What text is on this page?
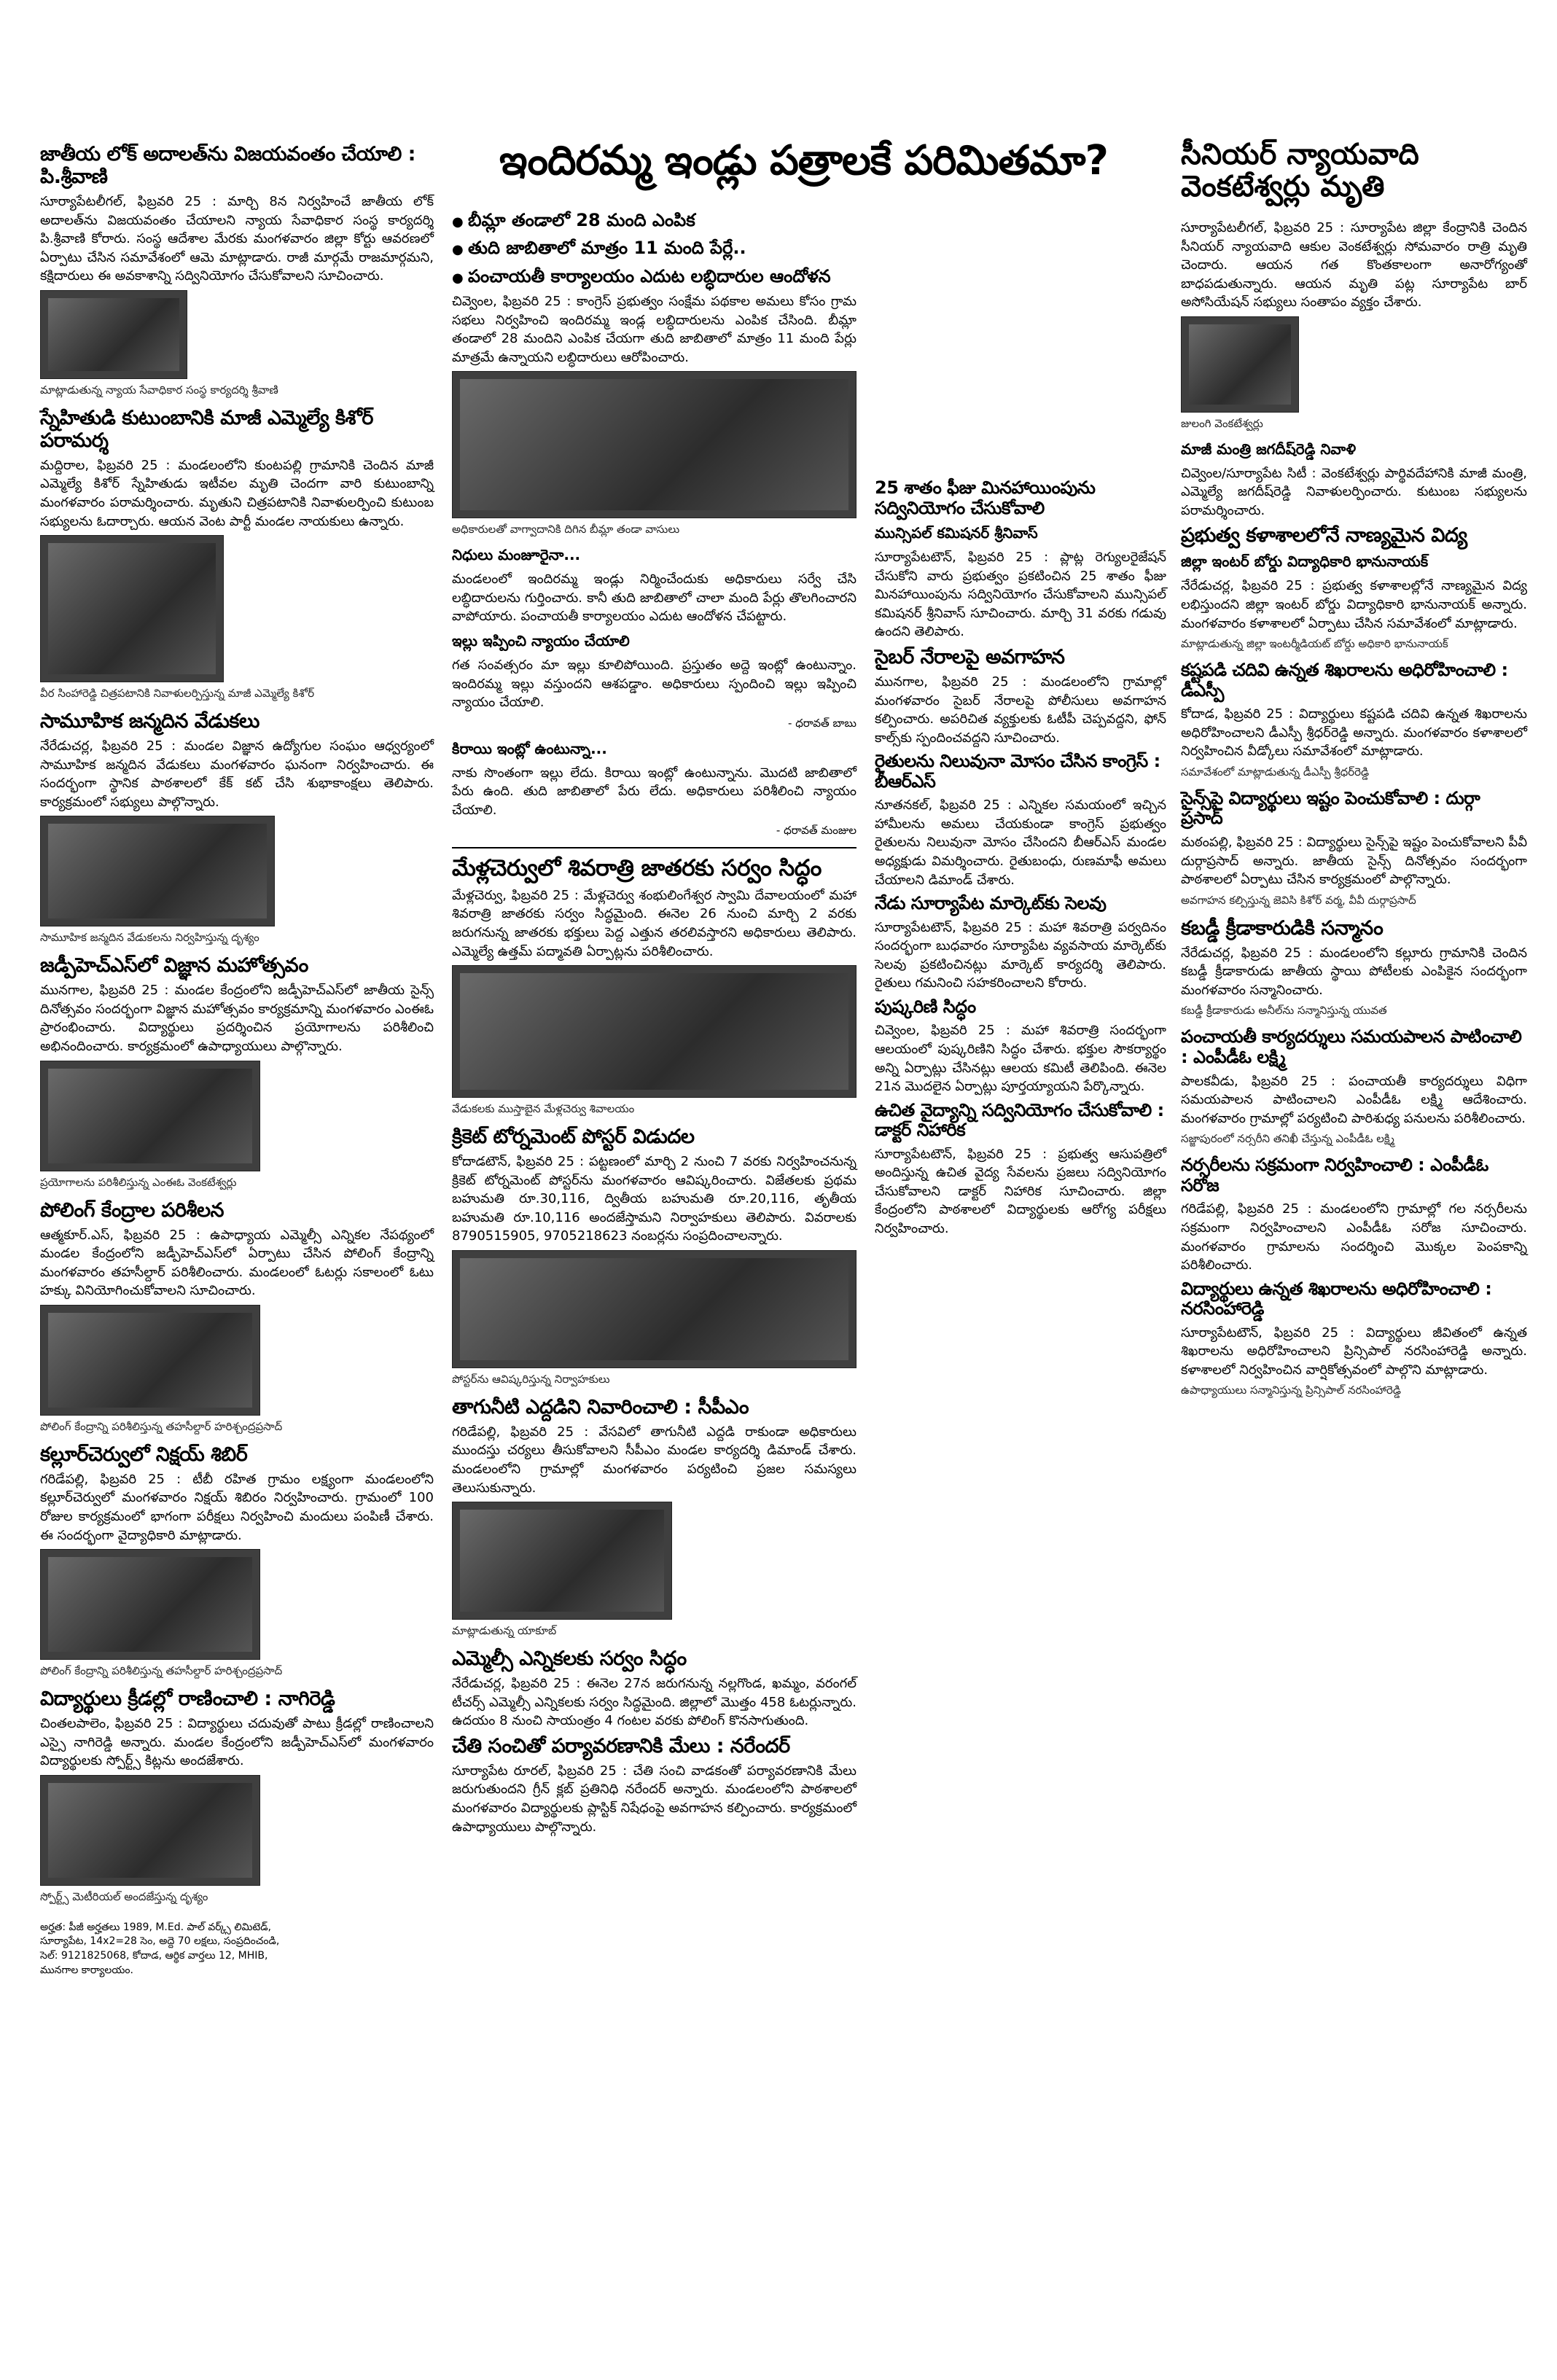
ఇందిరమ్మ ఇండ్లు పత్రాలకే పరిమితమా?	సీనియర్ న్యాయవాది వెంకటేశ్వర్లు మృతి
జాతీయ లోక్ అదాలత్‌ను విజయవంతం చేయాలి : పి.శ్రీవాణి
సూర్యాపేటలీగల్, ఫిబ్రవరి 25 : మార్చి 8న నిర్వహించే జాతీయ లోక్ అదాలత్‌ను విజయవంతం చేయాలని న్యాయ సేవాధికార సంస్థ కార్యదర్శి పి.శ్రీవాణి కోరారు. సంస్థ ఆదేశాల మేరకు మంగళవారం జిల్లా కోర్టు ఆవరణలో ఏర్పాటు చేసిన సమావేశంలో ఆమె మాట్లాడారు. రాజీ మార్గమే రాజమార్గమని, కక్షిదారులు ఈ అవకాశాన్ని సద్వినియోగం చేసుకోవాలని సూచించారు.
మాట్లాడుతున్న న్యాయ సేవాధికార సంస్థ కార్యదర్శి శ్రీవాణి
స్నేహితుడి కుటుంబానికి మాజీ ఎమ్మెల్యే కిశోర్ పరామర్శ
మద్దిరాల, ఫిబ్రవరి 25 : మండలంలోని కుంటపల్లి గ్రామానికి చెందిన మాజీ ఎమ్మెల్యే కిశోర్ స్నేహితుడు ఇటీవల మృతి చెందగా వారి కుటుంబాన్ని మంగళవారం పరామర్శించారు. మృతుని చిత్రపటానికి నివాళులర్పించి కుటుంబ సభ్యులను ఓదార్చారు. ఆయన వెంట పార్టీ మండల నాయకులు ఉన్నారు.
వీర సింహారెడ్డి చిత్రపటానికి నివాళులర్పిస్తున్న మాజీ ఎమ్మెల్యే కిశోర్
సామూహిక జన్మదిన వేడుకలు
నేరేడుచర్ల, ఫిబ్రవరి 25 : మండల విజ్ఞాన ఉద్యోగుల సంఘం ఆధ్వర్యంలో సామూహిక జన్మదిన వేడుకలు మంగళవారం ఘనంగా నిర్వహించారు. ఈ సందర్భంగా స్థానిక పాఠశాలలో కేక్ కట్ చేసి శుభాకాంక్షలు తెలిపారు. కార్యక్రమంలో సభ్యులు పాల్గొన్నారు.
సామూహిక జన్మదిన వేడుకలను నిర్వహిస్తున్న దృశ్యం
జడ్పీహెచ్‌ఎస్‌లో విజ్ఞాన మహోత్సవం
మునగాల, ఫిబ్రవరి 25 : మండల కేంద్రంలోని జడ్పీహెచ్‌ఎస్‌లో జాతీయ సైన్స్ దినోత్సవం సందర్భంగా విజ్ఞాన మహోత్సవం కార్యక్రమాన్ని మంగళవారం ఎంఈఓ ప్రారంభించారు. విద్యార్థులు ప్రదర్శించిన ప్రయోగాలను పరిశీలించి అభినందించారు. కార్యక్రమంలో ఉపాధ్యాయులు పాల్గొన్నారు.
ప్రయోగాలను పరిశీలిస్తున్న ఎంఈఓ వెంకటేశ్వర్లు
పోలింగ్ కేంద్రాల పరిశీలన
ఆత్మకూర్.ఎస్, ఫిబ్రవరి 25 : ఉపాధ్యాయ ఎమ్మెల్సీ ఎన్నికల నేపథ్యంలో మండల కేంద్రంలోని జడ్పీహెచ్‌ఎస్‌లో ఏర్పాటు చేసిన పోలింగ్ కేంద్రాన్ని మంగళవారం తహసీల్దార్ పరిశీలించారు. మండలంలో ఓటర్లు సకాలంలో ఓటు హక్కు వినియోగించుకోవాలని సూచించారు.
పోలింగ్ కేంద్రాన్ని పరిశీలిస్తున్న తహసీల్దార్ హరిశ్చంద్రప్రసాద్
కల్లూర్‌చెర్వులో నిక్షయ్ శిబిర్
గరిడేపల్లి, ఫిబ్రవరి 25 : టీబీ రహిత గ్రామం లక్ష్యంగా మండలంలోని కల్లూర్‌చెర్వులో మంగళవారం నిక్షయ్ శిబిరం నిర్వహించారు. గ్రామంలో 100 రోజుల కార్యక్రమంలో భాగంగా పరీక్షలు నిర్వహించి మందులు పంపిణీ చేశారు. ఈ సందర్భంగా వైద్యాధికారి మాట్లాడారు.
పోలింగ్ కేంద్రాన్ని పరిశీలిస్తున్న తహసీల్దార్ హరిశ్చంద్రప్రసాద్
విద్యార్థులు క్రీడల్లో రాణించాలి : నాగిరెడ్డి
చింతలపాలెం, ఫిబ్రవరి 25 : విద్యార్థులు చదువుతో పాటు క్రీడల్లో రాణించాలని ఎస్సై నాగిరెడ్డి అన్నారు. మండల కేంద్రంలోని జడ్పీహెచ్‌ఎస్‌లో మంగళవారం విద్యార్థులకు స్పోర్ట్స్ కిట్లను అందజేశారు.
స్పోర్ట్స్ మెటీరియల్ అందజేస్తున్న దృశ్యం
అర్హత: పీజీ అర్హతలు 1989, M.Ed. పాల్ వర్క్స్ లిమిటెడ్, సూర్యాపేట, 14x2=28 సెం, అద్దె 70 లక్షలు, సంప్రదించండి, సెల్: 9121825068, కోదాడ, ఆర్థిక వార్తలు 12, MHIB, మునగాల కార్యాలయం.
● బీమ్లా తండాలో 28 మంది ఎంపిక
● తుది జాబితాలో మాత్రం 11 మంది పేర్లే..
● పంచాయతీ కార్యాలయం ఎదుట లబ్ధిదారుల ఆందోళన
చివ్వెంల, ఫిబ్రవరి 25 : కాంగ్రెస్ ప్రభుత్వం సంక్షేమ పథకాల అమలు కోసం గ్రామ సభలు నిర్వహించి ఇందిరమ్మ ఇండ్ల లబ్ధిదారులను ఎంపిక చేసింది. బీమ్లా తండాలో 28 మందిని ఎంపిక చేయగా తుది జాబితాలో మాత్రం 11 మంది పేర్లు మాత్రమే ఉన్నాయని లబ్ధిదారులు ఆరోపించారు.
అధికారులతో వాగ్వాదానికి దిగిన బీమ్లా తండా వాసులు
నిధులు మంజూరైనా...
మండలంలో ఇందిరమ్మ ఇండ్లు నిర్మించేందుకు అధికారులు సర్వే చేసి లబ్ధిదారులను గుర్తించారు. కానీ తుది జాబితాలో చాలా మంది పేర్లు తొలగించారని వాపోయారు. పంచాయతీ కార్యాలయం ఎదుట ఆందోళన చేపట్టారు.
ఇల్లు ఇప్పించి న్యాయం చేయాలి
గత సంవత్సరం మా ఇల్లు కూలిపోయింది. ప్రస్తుతం అద్దె ఇంట్లో ఉంటున్నాం. ఇందిరమ్మ ఇల్లు వస్తుందని ఆశపడ్డాం. అధికారులు స్పందించి ఇల్లు ఇప్పించి న్యాయం చేయాలి.
- ధరావత్ బాబు
కిరాయి ఇంట్లో ఉంటున్నా...
నాకు సొంతంగా ఇల్లు లేదు. కిరాయి ఇంట్లో ఉంటున్నాను. మొదటి జాబితాలో పేరు ఉంది. తుది జాబితాలో పేరు లేదు. అధికారులు పరిశీలించి న్యాయం చేయాలి.
- ధరావత్ మంజుల
మేళ్లచెర్వులో శివరాత్రి జాతరకు సర్వం సిద్ధం
మేళ్లచెర్వు, ఫిబ్రవరి 25 : మేళ్లచెర్వు శంభులింగేశ్వర స్వామి దేవాలయంలో మహా శివరాత్రి జాతరకు సర్వం సిద్ధమైంది. ఈనెల 26 నుంచి మార్చి 2 వరకు జరుగనున్న జాతరకు భక్తులు పెద్ద ఎత్తున తరలివస్తారని అధికారులు తెలిపారు. ఎమ్మెల్యే ఉత్తమ్ పద్మావతి ఏర్పాట్లను పరిశీలించారు.
వేడుకలకు ముస్తాబైన మేళ్లచెర్వు శివాలయం
క్రికెట్ టోర్నమెంట్ పోస్టర్ విడుదల
కోదాడటౌన్, ఫిబ్రవరి 25 : పట్టణంలో మార్చి 2 నుంచి 7 వరకు నిర్వహించనున్న క్రికెట్ టోర్నమెంట్ పోస్టర్‌ను మంగళవారం ఆవిష్కరించారు. విజేతలకు ప్రథమ బహుమతి రూ.30,116, ద్వితీయ బహుమతి రూ.20,116, తృతీయ బహుమతి రూ.10,116 అందజేస్తామని నిర్వాహకులు తెలిపారు. వివరాలకు 8790515905, 9705218623 నంబర్లను సంప్రదించాలన్నారు.
పోస్టర్‌ను ఆవిష్కరిస్తున్న నిర్వాహకులు
తాగునీటి ఎద్దడిని నివారించాలి : సీపీఎం
గరిడేపల్లి, ఫిబ్రవరి 25 : వేసవిలో తాగునీటి ఎద్దడి రాకుండా అధికారులు ముందస్తు చర్యలు తీసుకోవాలని సీపీఎం మండల కార్యదర్శి డిమాండ్ చేశారు. మండలంలోని గ్రామాల్లో మంగళవారం పర్యటించి ప్రజల సమస్యలు తెలుసుకున్నారు.
మాట్లాడుతున్న యాకూబ్
ఎమ్మెల్సీ ఎన్నికలకు సర్వం సిద్ధం
నేరేడుచర్ల, ఫిబ్రవరి 25 : ఈనెల 27న జరుగనున్న నల్లగొండ, ఖమ్మం, వరంగల్ టీచర్స్ ఎమ్మెల్సీ ఎన్నికలకు సర్వం సిద్ధమైంది. జిల్లాలో మొత్తం 458 ఓటర్లున్నారు. ఉదయం 8 నుంచి సాయంత్రం 4 గంటల వరకు పోలింగ్ కొనసాగుతుంది.
చేతి సంచితో పర్యావరణానికి మేలు : నరేందర్
సూర్యాపేట రూరల్, ఫిబ్రవరి 25 : చేతి సంచి వాడకంతో పర్యావరణానికి మేలు జరుగుతుందని గ్రీన్ క్లబ్ ప్రతినిధి నరేందర్ అన్నారు. మండలంలోని పాఠశాలలో మంగళవారం విద్యార్థులకు ప్లాస్టిక్ నిషేధంపై అవగాహన కల్పించారు. కార్యక్రమంలో ఉపాధ్యాయులు పాల్గొన్నారు.
25 శాతం ఫీజు మినహాయింపును సద్వినియోగం చేసుకోవాలి
మున్సిపల్ కమిషనర్ శ్రీనివాస్
సూర్యాపేటటౌన్, ఫిబ్రవరి 25 : ప్లాట్ల రెగ్యులరైజేషన్ చేసుకోని వారు ప్రభుత్వం ప్రకటించిన 25 శాతం ఫీజు మినహాయింపును సద్వినియోగం చేసుకోవాలని మున్సిపల్ కమిషనర్ శ్రీనివాస్ సూచించారు. మార్చి 31 వరకు గడువు ఉందని తెలిపారు.
సైబర్ నేరాలపై అవగాహన
మునగాల, ఫిబ్రవరి 25 : మండలంలోని గ్రామాల్లో మంగళవారం సైబర్ నేరాలపై పోలీసులు అవగాహన కల్పించారు. అపరిచిత వ్యక్తులకు ఓటీపీ చెప్పవద్దని, ఫోన్ కాల్స్‌కు స్పందించవద్దని సూచించారు.
రైతులను నిలువునా మోసం చేసిన కాంగ్రెస్ : బీఆర్ఎస్
నూతనకల్, ఫిబ్రవరి 25 : ఎన్నికల సమయంలో ఇచ్చిన హామీలను అమలు చేయకుండా కాంగ్రెస్ ప్రభుత్వం రైతులను నిలువునా మోసం చేసిందని బీఆర్ఎస్ మండల అధ్యక్షుడు విమర్శించారు. రైతుబంధు, రుణమాఫీ అమలు చేయాలని డిమాండ్ చేశారు.
నేడు సూర్యాపేట మార్కెట్‌కు సెలవు
సూర్యాపేటటౌన్, ఫిబ్రవరి 25 : మహా శివరాత్రి పర్వదినం సందర్భంగా బుధవారం సూర్యాపేట వ్యవసాయ మార్కెట్‌కు సెలవు ప్రకటించినట్లు మార్కెట్ కార్యదర్శి తెలిపారు. రైతులు గమనించి సహకరించాలని కోరారు.
పుష్కరిణి సిద్ధం
చివ్వెంల, ఫిబ్రవరి 25 : మహా శివరాత్రి సందర్భంగా ఆలయంలో పుష్కరిణిని సిద్ధం చేశారు. భక్తుల సౌకర్యార్థం అన్ని ఏర్పాట్లు చేసినట్లు ఆలయ కమిటీ తెలిపింది. ఈనెల 21న మొదలైన ఏర్పాట్లు పూర్తయ్యాయని పేర్కొన్నారు.
ఉచిత వైద్యాన్ని సద్వినియోగం చేసుకోవాలి : డాక్టర్ నిహారిక
సూర్యాపేటటౌన్, ఫిబ్రవరి 25 : ప్రభుత్వ ఆసుపత్రిలో అందిస్తున్న ఉచిత వైద్య సేవలను ప్రజలు సద్వినియోగం చేసుకోవాలని డాక్టర్ నిహారిక సూచించారు. జిల్లా కేంద్రంలోని పాఠశాలలో విద్యార్థులకు ఆరోగ్య పరీక్షలు నిర్వహించారు.
సూర్యాపేటలీగల్, ఫిబ్రవరి 25 : సూర్యాపేట జిల్లా కేంద్రానికి చెందిన సీనియర్ న్యాయవాది ఆకుల వెంకటేశ్వర్లు సోమవారం రాత్రి మృతి చెందారు. ఆయన గత కొంతకాలంగా అనారోగ్యంతో బాధపడుతున్నారు. ఆయన మృతి పట్ల సూర్యాపేట బార్ అసోసియేషన్ సభ్యులు సంతాపం వ్యక్తం చేశారు.
జులంగి వెంకటేశ్వర్లు
మాజీ మంత్రి జగదీష్‌రెడ్డి నివాళి
చివ్వెంల/సూర్యాపేట సిటీ : వెంకటేశ్వర్లు పార్థివదేహానికి మాజీ మంత్రి, ఎమ్మెల్యే జగదీష్‌రెడ్డి నివాళులర్పించారు. కుటుంబ సభ్యులను పరామర్శించారు.
ప్రభుత్వ కళాశాలలోనే నాణ్యమైన విద్య
జిల్లా ఇంటర్ బోర్డు విద్యాధికారి భానునాయక్
నేరేడుచర్ల, ఫిబ్రవరి 25 : ప్రభుత్వ కళాశాలల్లోనే నాణ్యమైన విద్య లభిస్తుందని జిల్లా ఇంటర్ బోర్డు విద్యాధికారి భానునాయక్ అన్నారు. మంగళవారం కళాశాలలో ఏర్పాటు చేసిన సమావేశంలో మాట్లాడారు.
మాట్లాడుతున్న జిల్లా ఇంటర్మీడియట్ బోర్డు అధికారి భానునాయక్
కష్టపడి చదివి ఉన్నత శిఖరాలను అధిరోహించాలి : డీఎస్పీ
కోదాడ, ఫిబ్రవరి 25 : విద్యార్థులు కష్టపడి చదివి ఉన్నత శిఖరాలను అధిరోహించాలని డీఎస్పీ శ్రీధర్‌రెడ్డి అన్నారు. మంగళవారం కళాశాలలో నిర్వహించిన వీడ్కోలు సమావేశంలో మాట్లాడారు.
సమావేశంలో మాట్లాడుతున్న డీఎస్పీ శ్రీధర్‌రెడ్డి
సైన్స్‌పై విద్యార్థులు ఇష్టం పెంచుకోవాలి : దుర్గా ప్రసాద్
మఠంపల్లి, ఫిబ్రవరి 25 : విద్యార్థులు సైన్స్‌పై ఇష్టం పెంచుకోవాలని పీవీ దుర్గాప్రసాద్ అన్నారు. జాతీయ సైన్స్ దినోత్సవం సందర్భంగా పాఠశాలలో ఏర్పాటు చేసిన కార్యక్రమంలో పాల్గొన్నారు.
అవగాహన కల్పిస్తున్న జెవిసి కిశోర్ వర్మ, వీవీ దుర్గాప్రసాద్
కబడ్డీ క్రీడాకారుడికి సన్మానం
నేరేడుచర్ల, ఫిబ్రవరి 25 : మండలంలోని కల్లూరు గ్రామానికి చెందిన కబడ్డీ క్రీడాకారుడు జాతీయ స్థాయి పోటీలకు ఎంపికైన సందర్భంగా మంగళవారం సన్మానించారు.
కబడ్డీ క్రీడాకారుడు అనీల్‌ను సన్మానిస్తున్న యువత
పంచాయతీ కార్యదర్శులు సమయపాలన పాటించాలి : ఎంపీడీఓ లక్ష్మి
పాలకవీడు, ఫిబ్రవరి 25 : పంచాయతీ కార్యదర్శులు విధిగా సమయపాలన పాటించాలని ఎంపీడీఓ లక్ష్మి ఆదేశించారు. మంగళవారం గ్రామాల్లో పర్యటించి పారిశుధ్య పనులను పరిశీలించారు.
సజ్జాపురంలో నర్సరీని తనిఖీ చేస్తున్న ఎంపీడీఓ లక్ష్మి
నర్సరీలను సక్రమంగా నిర్వహించాలి : ఎంపీడీఓ సరోజ
గరిడేపల్లి, ఫిబ్రవరి 25 : మండలంలోని గ్రామాల్లో గల నర్సరీలను సక్రమంగా నిర్వహించాలని ఎంపీడీఓ సరోజ సూచించారు. మంగళవారం గ్రామాలను సందర్శించి మొక్కల పెంపకాన్ని పరిశీలించారు.
విద్యార్థులు ఉన్నత శిఖరాలను అధిరోహించాలి : నరసింహారెడ్డి
సూర్యాపేటటౌన్, ఫిబ్రవరి 25 : విద్యార్థులు జీవితంలో ఉన్నత శిఖరాలను అధిరోహించాలని ప్రిన్సిపాల్ నరసింహారెడ్డి అన్నారు. కళాశాలలో నిర్వహించిన వార్షికోత్సవంలో పాల్గొని మాట్లాడారు.
ఉపాధ్యాయులు సన్మానిస్తున్న ప్రిన్సిపాల్ నరసింహారెడ్డి
